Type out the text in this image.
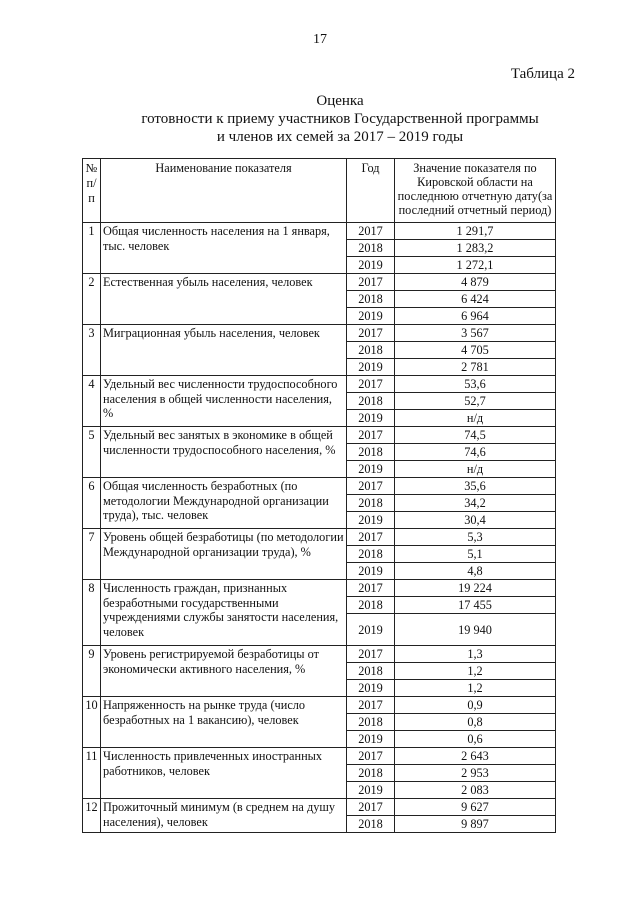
17
Таблица 2
Оценка
готовности к приему участников Государственной программы
и членов их семей за 2017 – 2019 годы
№ п/п	Наименование показателя	Год	Значение показателя по Кировской области на последнюю отчетную дату(за последний отчетный период)
1	Общая численность населения на 1 января, тыс. человек	2017	1 291,7
		2018	1 283,2
		2019	1 272,1
2	Естественная убыль населения, человек	2017	4 879
		2018	6 424
		2019	6 964
3	Миграционная убыль населения, человек	2017	3 567
		2018	4 705
		2019	2 781
4	Удельный вес численности трудоспособного населения в общей численности населения, %	2017	53,6
		2018	52,7
		2019	н/д
5	Удельный вес занятых в экономике в общей численности трудоспособного населения, %	2017	74,5
		2018	74,6
		2019	н/д
6	Общая численность безработных (по методологии Международной организации труда), тыс. человек	2017	35,6
		2018	34,2
		2019	30,4
7	Уровень общей безработицы (по методологии Международной организации труда), %	2017	5,3
		2018	5,1
		2019	4,8
8	Численность граждан, признанных безработными государственными учреждениями службы занятости населения, человек	2017	19 224
		2018	17 455
		2019	19 940
9	Уровень регистрируемой безработицы от экономически активного населения, %	2017	1,3
		2018	1,2
		2019	1,2
10	Напряженность на рынке труда (число безработных на 1 вакансию), человек	2017	0,9
		2018	0,8
		2019	0,6
11	Численность привлеченных иностранных работников, человек	2017	2 643
		2018	2 953
		2019	2 083
12	Прожиточный минимум (в среднем на душу населения), человек	2017	9 627
		2018	9 897
